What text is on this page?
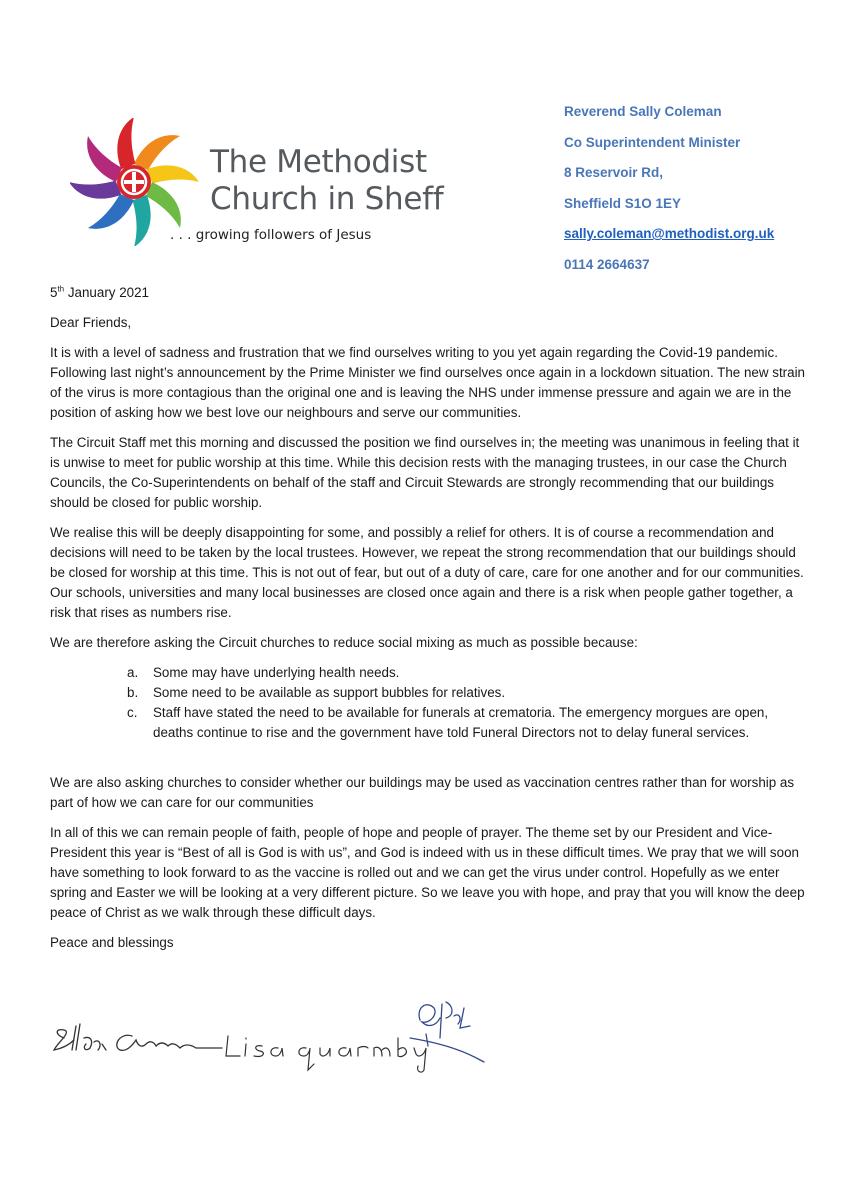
The Methodist
Church in Sheff
. . . growing followers of Jesus
Reverend Sally Coleman
Co Superintendent Minister
8 Reservoir Rd,
Sheffield S1O 1EY
sally.coleman@methodist.org.uk
0114 2664637

5th January 2021

Dear Friends,

It is with a level of sadness and frustration that we find ourselves writing to you yet again regarding the Covid-19 pandemic. Following last night’s announcement by the Prime Minister we find ourselves once again in a lockdown situation. The new strain of the virus is more contagious than the original one and is leaving the NHS under immense pressure and again we are in the position of asking how we best love our neighbours and serve our communities.

The Circuit Staff met this morning and discussed the position we find ourselves in; the meeting was unanimous in feeling that it is unwise to meet for public worship at this time. While this decision rests with the managing trustees, in our case the Church Councils, the Co-Superintendents on behalf of the staff and Circuit Stewards are strongly recommending that our buildings should be closed for public worship.

We realise this will be deeply disappointing for some, and possibly a relief for others. It is of course a recommendation and decisions will need to be taken by the local trustees. However, we repeat the strong recommendation that our buildings should be closed for worship at this time. This is not out of fear, but out of a duty of care, care for one another and for our communities. Our schools, universities and many local businesses are closed once again and there is a risk when people gather together, a risk that rises as numbers rise.

We are therefore asking the Circuit churches to reduce social mixing as much as possible because:

a. Some may have underlying health needs.
b. Some need to be available as support bubbles for relatives.
c. Staff have stated the need to be available for funerals at crematoria. The emergency morgues are open, deaths continue to rise and the government have told Funeral Directors not to delay funeral services.

We are also asking churches to consider whether our buildings may be used as vaccination centres rather than for worship as part of how we can care for our communities

In all of this we can remain people of faith, people of hope and people of prayer. The theme set by our President and Vice-President this year is “Best of all is God is with us”, and God is indeed with us in these difficult times. We pray that we will soon have something to look forward to as the vaccine is rolled out and we can get the virus under control. Hopefully as we enter spring and Easter we will be looking at a very different picture. So we leave you with hope, and pray that you will know the deep peace of Christ as we walk through these difficult days.

Peace and blessings
